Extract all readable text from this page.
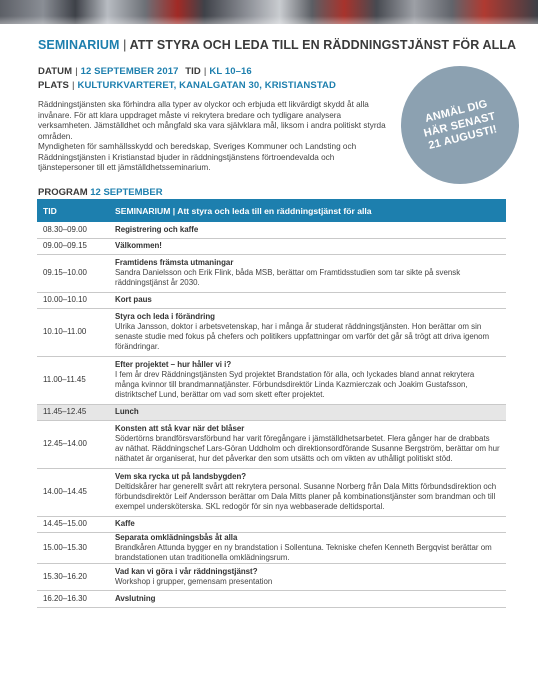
SEMINARIUM | ATT STYRA OCH LEDA TILL EN RÄDDNINGSTJÄNST FÖR ALLA
DATUM | 12 SEPTEMBER 2017 TID | KL 10–16
PLATS | KULTURKVARTERET, KANALGATAN 30, KRISTIANSTAD

Räddningstjänsten ska förhindra alla typer av olyckor och erbjuda ett likvärdigt skydd åt alla invånare. För att klara uppdraget måste vi rekrytera bredare och tydligare analysera verksamheten. Jämställdhet och mångfald ska vara självklara mål, liksom i andra politiskt styrda områden.

Myndigheten för samhällsskydd och beredskap, Sveriges Kommuner och Landsting och Räddningstjänsten i Kristianstad bjuder in räddningstjänstens förtroendevalda och tjänstepersoner till ett jämställdhetsseminarium.

ANMÄL DIG
HÄR SENAST
21 AUGUSTI!
PROGRAM 12 SEPTEMBER
TID	SEMINARIUM | Att styra och leda till en räddningstjänst för alla
08.30–09.00	Registrering och kaffe

09.00–09.15	Välkommen!

09.15–10.00	Framtidens främsta utmaningar
Sandra Danielsson och Erik Flink, båda MSB, berättar om Framtidsstudien som tar sikte på svensk räddningstjänst år 2030.

10.00–10.10	Kort paus

10.10–11.00	Styra och leda i förändring
Ulrika Jansson, doktor i arbetsvetenskap, har i många år studerat räddningstjänsten. Hon berättar om sin senaste studie med fokus på chefers och politikers uppfattningar om varför det går så trögt att driva igenom förändringar.

11.00–11.45	Efter projektet – hur håller vi i?
I fem år drev Räddningstjänsten Syd projektet Brandstation för alla, och lyckades bland annat rekrytera många kvinnor till brandmannatjänster. Förbundsdirektör Linda Kazmierczak och Joakim Gustafsson, distriktschef Lund, berättar om vad som skett efter projektet.

11.45–12.45	Lunch

12.45–14.00	Konsten att stå kvar när det blåser
Södertörns brandförsvarsförbund har varit föregångare i jämställdhetsarbetet. Flera gånger har de drabbats av näthat. Räddningschef Lars-Göran Uddholm och direktionsordförande Susanne Bergström, berättar om hur näthatet är organiserat, hur det påverkar den som utsätts och om vikten av uthålligt politiskt stöd.

14.00–14.45	Vem ska rycka ut på landsbygden?
Deltidskårer har generellt svårt att rekrytera personal. Susanne Norberg från Dala Mitts förbundsdirektion och förbundsdirektör Leif Andersson berättar om Dala Mitts planer på kombinationstjänster som brandman och till exempel undersköterska. SKL redogör för sin nya webbaserade deltidsportal.

14.45–15.00	Kaffe

15.00–15.30	Separata omklädningsbås åt alla
Brandkåren Attunda bygger en ny brandstation i Sollentuna. Tekniske chefen Kenneth Bergqvist berättar om brandstationen utan traditionella omklädningsrum.

15.30–16.20	Vad kan vi göra i vår räddningstjänst?
Workshop i grupper, gemensam presentation

16.20–16.30	Avslutning
